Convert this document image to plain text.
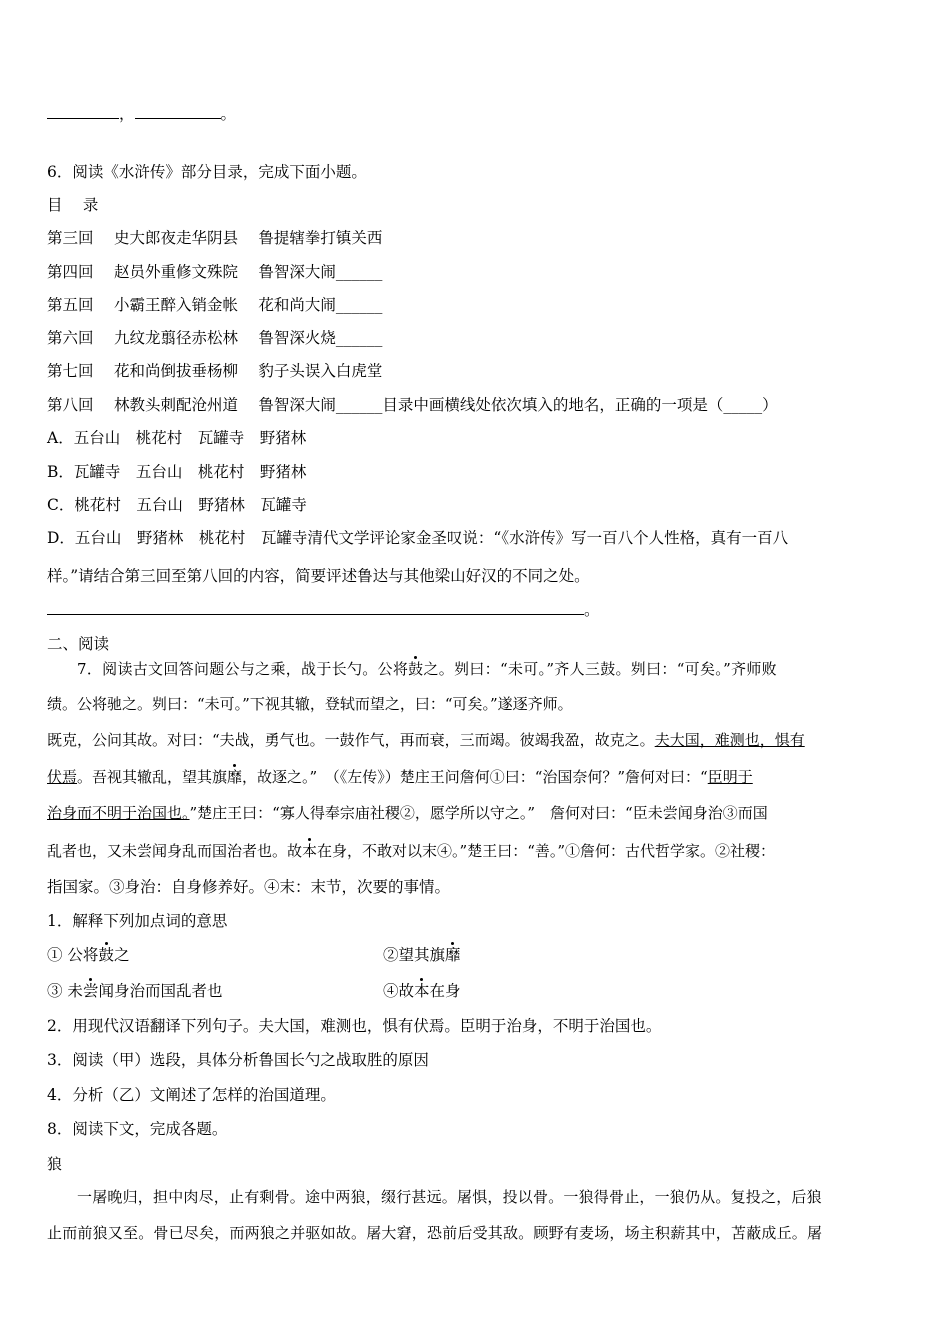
，	。
6．阅读《水浒传》部分目录，完成下面小题。
目　 录
第三回　 史大郎夜走华阴县　 鲁提辖拳打镇关西
第四回　 赵员外重修文殊院　 鲁智深大闹______
第五回　 小霸王醉入销金帐　 花和尚大闹______
第六回　 九纹龙翦径赤松林　 鲁智深火烧______
第七回　 花和尚倒拔垂杨柳　 豹子头误入白虎堂
第八回　 林教头刺配沧州道　 鲁智深大闹______目录中画横线处依次填入的地名，正确的一项是（_____）
A．五台山　桃花村　瓦罐寺　野猪林
B．瓦罐寺　五台山　桃花村　野猪林
C．桃花村　五台山　野猪林　瓦罐寺
D．五台山　野猪林　桃花村　瓦罐寺清代文学评论家金圣叹说：“《水浒传》写一百八个人性格，真有一百八
样。”请结合第三回至第八回的内容，简要评述鲁达与其他梁山好汉的不同之处。
。
二、阅读
7．阅读古文回答问题公与之乘，战于长勺。公将鼓之。刿曰：“未可。”齐人三鼓。刿曰：“可矣。”齐师败
绩。公将驰之。刿曰：“未可。”下视其辙，登轼而望之，曰：“可矣。”遂逐齐师。
既克，公问其故。对曰：“夫战，勇气也。一鼓作气，再而衰，三而竭。彼竭我盈，故克之。夫大国，难测也，惧有
伏焉。吾视其辙乱，望其旗靡，故逐之。”　（《左传》）楚庄王问詹何①曰：“治国奈何？”詹何对曰：“臣明于
治身而不明于治国也。”楚庄王曰：“寡人得奉宗庙社稷②，愿学所以守之。”　詹何对曰：“臣未尝闻身治③而国
乱者也，又未尝闻身乱而国治者也。故本在身，不敢对以末④。”楚王曰：“善。”①詹何：古代哲学家。②社稷：
指国家。③身治：自身修养好。④末：末节，次要的事情。
1．解释下列加点词的意思
① 公将鼓之	②望其旗靡
③ 未尝闻身治而国乱者也	④故本在身
2．用现代汉语翻译下列句子。夫大国，难测也，惧有伏焉。臣明于治身，不明于治国也。
3．阅读（甲）选段，具体分析鲁国长勺之战取胜的原因
4．分析（乙）文阐述了怎样的治国道理。
8．阅读下文，完成各题。
狼
一屠晚归，担中肉尽，止有剩骨。途中两狼，缀行甚远。屠惧，投以骨。一狼得骨止，一狼仍从。复投之，后狼
止而前狼又至。骨已尽矣，而两狼之并驱如故。屠大窘，恐前后受其敌。顾野有麦场，场主积薪其中，苫蔽成丘。屠
